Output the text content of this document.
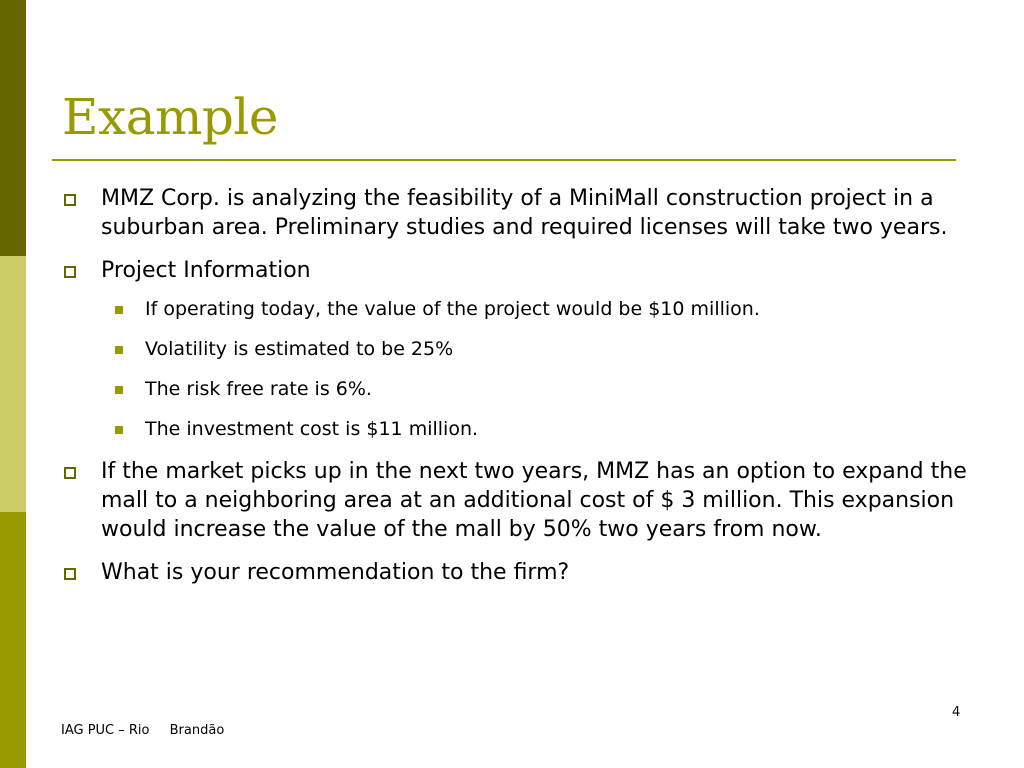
Example
MMZ Corp. is analyzing the feasibility of a MiniMall construction project in a suburban area. Preliminary studies and required licenses will take two years.
Project Information
If operating today, the value of the project would be $10 million.
Volatility is estimated to be 25%
The risk free rate is 6%.
The investment cost is $11 million.
If the market picks up in the next two years, MMZ has an option to expand the mall to a neighboring area at an additional cost of $ 3 million. This expansion would increase the value of the mall by 50% two years from now.
What is your recommendation to the firm?
IAG PUC – Rio Brandão
4
